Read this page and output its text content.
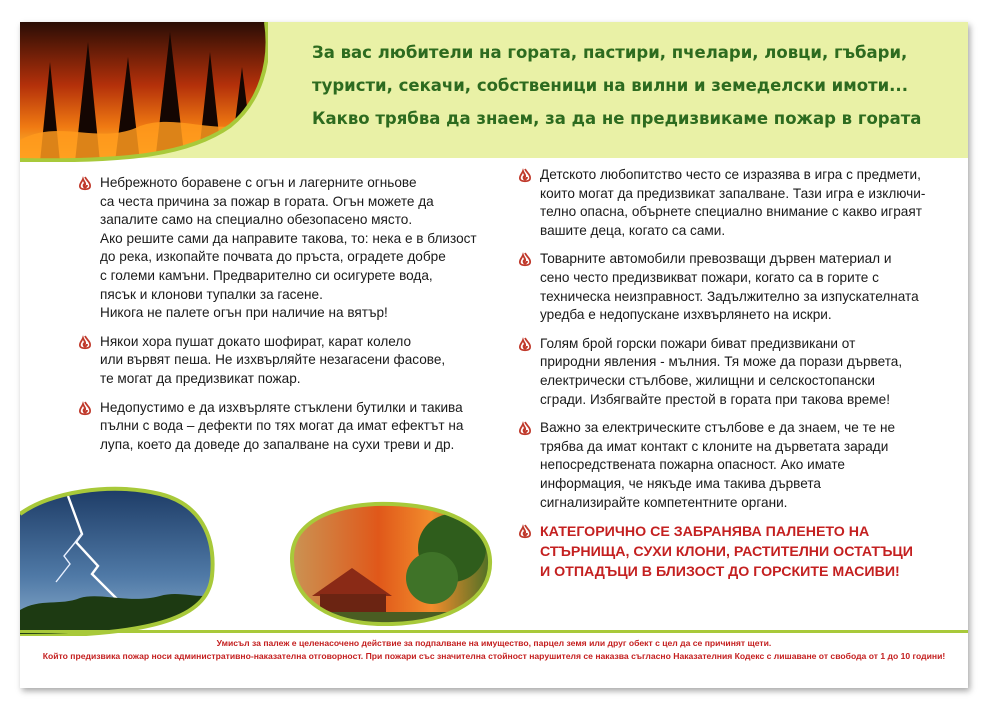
За вас любители на гората, пастири, пчелари, ловци, гъбари,
туристи, секачи, собственици на вилни и земеделски имоти...
Какво трябва да знаем, за да не предизвикаме пожар в гората

Небрежното боравене с огън и лагерните огньове
са честа причина за пожар в гората. Огън можете да
запалите само на специално обезопасено място.
Ако решите сами да направите такова, то: нека е в близост
до река, изкопайте почвата до пръста, оградете добре
с големи камъни. Предварително си осигурете вода,
пясък и клонови тупалки за гасене.
Никога не палете огън при наличие на вятър!

Някои хора пушат докато шофират, карат колело
или вървят пеша. Не изхвърляйте незагасени фасове,
те могат да предизвикат пожар.

Недопустимо е да изхвърляте стъклени бутилки и такива
пълни с вода – дефекти по тях могат да имат ефектът на
лупа, което да доведе до запалване на сухи треви и др.

Детското любопитство често се изразява в игра с предмети,
които могат да предизвикат запалване. Тази игра е изключи-
телно опасна, обърнете специално внимание с какво играят
вашите деца, когато са сами.

Товарните автомобили превозващи дървен материал и
сено често предизвикват пожари, когато са в горите с
техническа неизправност. Задължително за изпускателната
уредба е недопускане изхвърлянето на искри.

Голям брой горски пожари биват предизвикани от
природни явления - мълния. Тя може да порази дървета,
електрически стълбове, жилищни и селскостопански
сгради. Избягвайте престой в гората при такова време!

Важно за електрическите стълбове е да знаем, че те не
трябва да имат контакт с клоните на дърветата заради
непосредствената пожарна опасност. Ако имате
информация, че някъде има такива дървета
сигнализирайте компетентните органи.

КАТЕГОРИЧНО СЕ ЗАБРАНЯВА ПАЛЕНЕТО НА
СТЪРНИЩА, СУХИ КЛОНИ, РАСТИТЕЛНИ ОСТАТЪЦИ
И ОТПАДЪЦИ В БЛИЗОСТ ДО ГОРСКИТЕ МАСИВИ!

Умисъл за палеж е целенасочено действие за подпалване на имущество, парцел земя или друг обект с цел да се причинят щети.
Който предизвика пожар носи административно-наказателна отговорност. При пожари със значителна стойност нарушителя се наказва съгласно Наказателния Кодекс с лишаване от свобода от 1 до 10 години!
